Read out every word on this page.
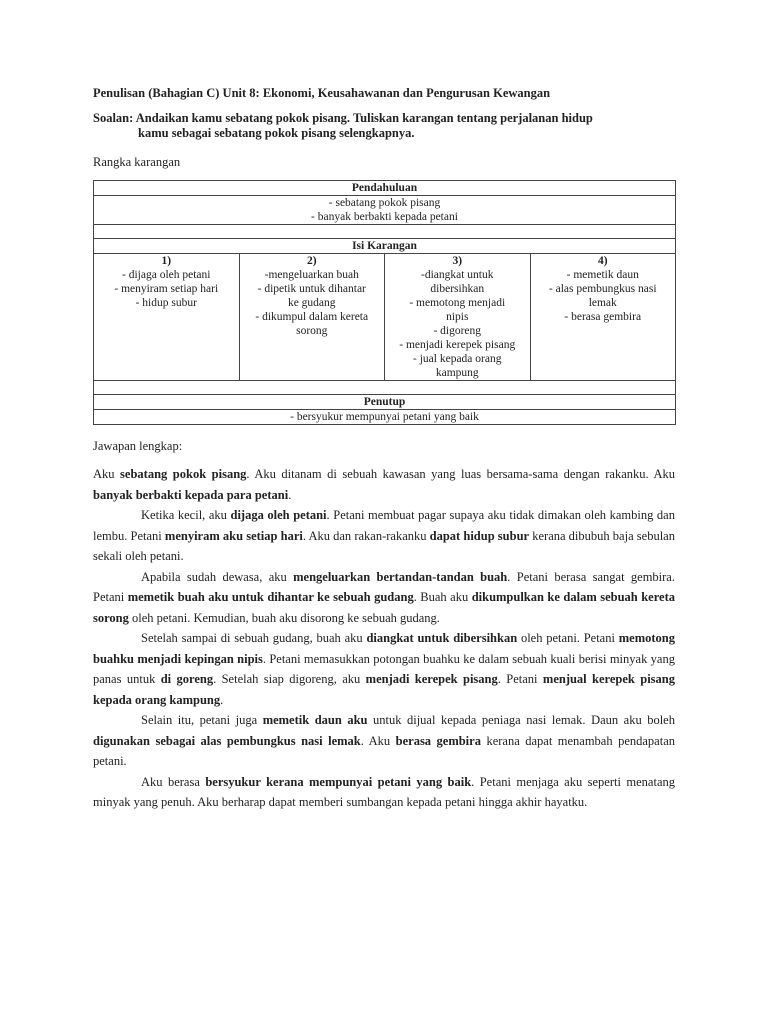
Penulisan (Bahagian C) Unit 8: Ekonomi, Keusahawanan dan Pengurusan Kewangan
Soalan: Andaikan kamu sebatang pokok pisang. Tuliskan karangan tentang perjalanan hidup
kamu sebagai sebatang pokok pisang selengkapnya.
Rangka karangan
Pendahuluan

- sebatang pokok pisang
- banyak berbakti kepada petani

Isi Karangan

1)
- dijaga oleh petani
- menyiram setiap hari
- hidup subur

2)
-mengeluarkan buah
- dipetik untuk dihantar
ke gudang
- dikumpul dalam kereta
sorong

3)
-diangkat untuk
dibersihkan
- memotong menjadi
nipis
- digoreng
- menjadi kerepek pisang
- jual kepada orang
kampung

4)
- memetik daun
- alas pembungkus nasi
lemak
- berasa gembira

Penutup

- bersyukur mempunyai petani yang baik
Jawapan lengkap:

Aku sebatang pokok pisang. Aku ditanam di sebuah kawasan yang luas bersama-sama dengan rakanku. Aku banyak berbakti kepada para petani.

Ketika kecil, aku dijaga oleh petani. Petani membuat pagar supaya aku tidak dimakan oleh kambing dan lembu. Petani menyiram aku setiap hari. Aku dan rakan-rakanku dapat hidup subur kerana dibubuh baja sebulan sekali oleh petani.

Apabila sudah dewasa, aku mengeluarkan bertandan-tandan buah. Petani berasa sangat gembira. Petani memetik buah aku untuk dihantar ke sebuah gudang. Buah aku dikumpulkan ke dalam sebuah kereta sorong oleh petani. Kemudian, buah aku disorong ke sebuah gudang.

Setelah sampai di sebuah gudang, buah aku diangkat untuk dibersihkan oleh petani. Petani memotong buahku menjadi kepingan nipis. Petani memasukkan potongan buahku ke dalam sebuah kuali berisi minyak yang panas untuk di goreng. Setelah siap digoreng, aku menjadi kerepek pisang. Petani menjual kerepek pisang kepada orang kampung.

Selain itu, petani juga memetik daun aku untuk dijual kepada peniaga nasi lemak. Daun aku boleh digunakan sebagai alas pembungkus nasi lemak. Aku berasa gembira kerana dapat menambah pendapatan petani.

Aku berasa bersyukur kerana mempunyai petani yang baik. Petani menjaga aku seperti menatang minyak yang penuh. Aku berharap dapat memberi sumbangan kepada petani hingga akhir hayatku.
